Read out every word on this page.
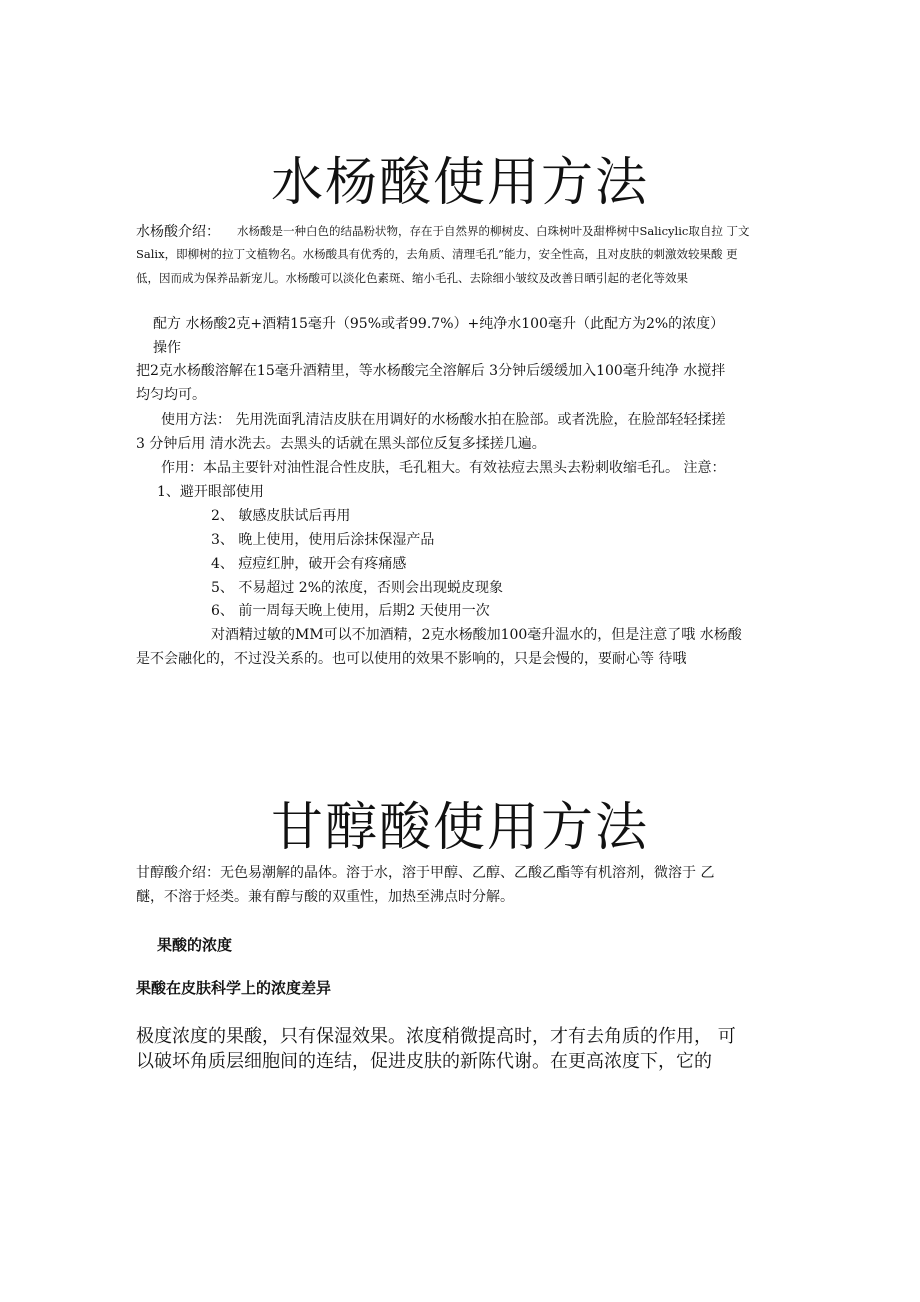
水杨酸使用方法
水杨酸介绍： 水杨酸是一种白色的结晶粉状物，存在于自然界的柳树皮、白珠树叶及甜桦树中Salicylic取自拉 丁文
Salix，即柳树的拉丁文植物名。水杨酸具有优秀的，去角质、清理毛孔”能力，安全性高，且对皮肤的刺激效较果酸 更
低，因而成为保养品新宠儿。水杨酸可以淡化色素斑、缩小毛孔、去除细小皱纹及改善日晒引起的老化等效果
配方 水杨酸2克+酒精15毫升（95%或者99.7%）+纯净水100毫升（此配方为2%的浓度）
操作
把2克水杨酸溶解在15毫升酒精里，等水杨酸完全溶解后 3分钟后缓缓加入100毫升纯净 水搅拌
均匀均可。
使用方法： 先用洗面乳清洁皮肤在用调好的水杨酸水拍在脸部。或者洗脸，在脸部轻轻揉搓
3 分钟后用 清水洗去。去黑头的话就在黑头部位反复多揉搓几遍。
作用：本品主要针对油性混合性皮肤，毛孔粗大。有效祛痘去黑头去粉刺收缩毛孔。 注意：
1、避开眼部使用
2、 敏感皮肤试后再用
3、 晚上使用，使用后涂抹保湿产品
4、 痘痘红肿，破开会有疼痛感
5、 不易超过 2%的浓度，否则会出现蜕皮现象
6、 前一周每天晚上使用，后期2 天使用一次
对酒精过敏的MM可以不加酒精，2克水杨酸加100毫升温水的，但是注意了哦 水杨酸
是不会融化的，不过没关系的。也可以使用的效果不影响的，只是会慢的，要耐心等 待哦
甘醇酸使用方法
甘醇酸介绍：无色易潮解的晶体。溶于水，溶于甲醇、乙醇、乙酸乙酯等有机溶剂，微溶于 乙
醚，不溶于烃类。兼有醇与酸的双重性，加热至沸点时分解。
果酸的浓度
果酸在皮肤科学上的浓度差异
极度浓度的果酸，只有保湿效果。浓度稍微提高时，才有去角质的作用， 可
以破坏角质层细胞间的连结，促进皮肤的新陈代谢。在更高浓度下，它的
